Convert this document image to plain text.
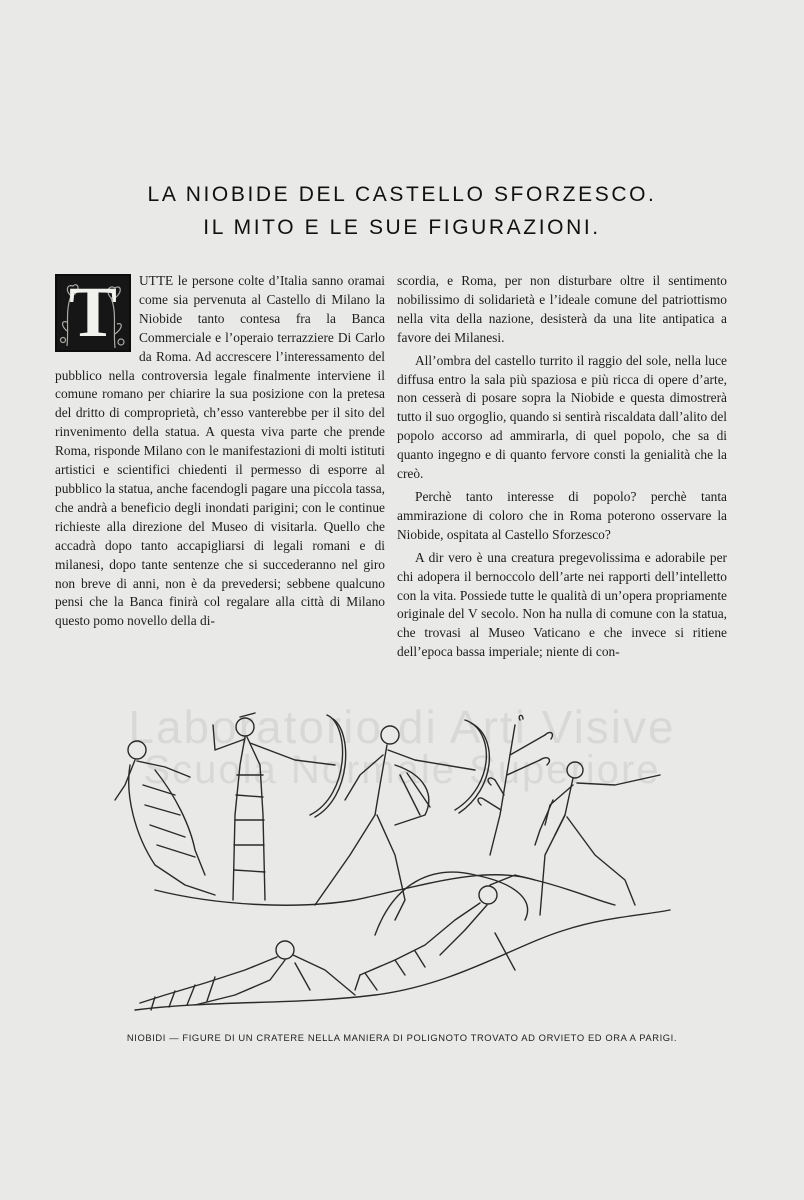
Laboratorio di Arti Visive
Scuola Normale Superiore
LA NIOBIDE DEL CASTELLO SFORZESCO.
IL MITO E LE SUE FIGURAZIONI.

T	UTTE le persone colte d’Italia sanno oramai come sia pervenuta al Castello di Milano la Niobide tanto contesa fra la Banca Commerciale e l’operaio terrazziere Di Carlo da Roma. Ad accrescere l’interessamento del pubblico nella controversia legale finalmente interviene il comune romano per chiarire la sua posizione con la pretesa del dritto di comproprietà, ch’esso vanterebbe per il sito del rinvenimento della statua. A questa viva parte che prende Roma, risponde Milano con le manifestazioni di molti istituti artistici e scientifici chiedenti il permesso di esporre al pubblico la statua, anche facendogli pagare una piccola tassa, che andrà a beneficio degli inondati parigini; con le continue richieste alla direzione del Museo di visitarla. Quello che accadrà dopo tanto accapigliarsi di legali romani e di milanesi, dopo tante sentenze che si succederanno nel giro non breve di anni, non è da prevedersi; sebbene qualcuno pensi che la Banca finirà col regalare alla città di Milano questo pomo novello della di-

scordia, e Roma, per non disturbare oltre il sentimento nobilissimo di solidarietà e l’ideale comune del patriottismo nella vita della nazione, desisterà da una lite antipatica a favore dei Milanesi.

All’ombra del castello turrito il raggio del sole, nella luce diffusa entro la sala più spaziosa e più ricca di opere d’arte, non cesserà di posare sopra la Niobide e questa dimostrerà tutto il suo orgoglio, quando si sentirà riscaldata dall’alito del popolo accorso ad ammirarla, di quel popolo, che sa di quanto ingegno e di quanto fervore consti la genialità che la creò.

Perchè tanto interesse di popolo? perchè tanta ammirazione di coloro che in Roma poterono osservare la Niobide, ospitata al Castello Sforzesco?

A dir vero è una creatura pregevolissima e adorabile per chi adopera il bernoccolo dell’arte nei rapporti dell’intelletto con la vita. Possiede tutte le qualità di un’opera propriamente originale del V secolo. Non ha nulla di comune con la statua, che trovasi al Museo Vaticano e che invece si ritiene dell’epoca bassa imperiale; niente di con-

NIOBIDI — FIGURE DI UN CRATERE NELLA MANIERA DI POLIGNOTO TROVATO AD ORVIETO ED ORA A PARIGI.
